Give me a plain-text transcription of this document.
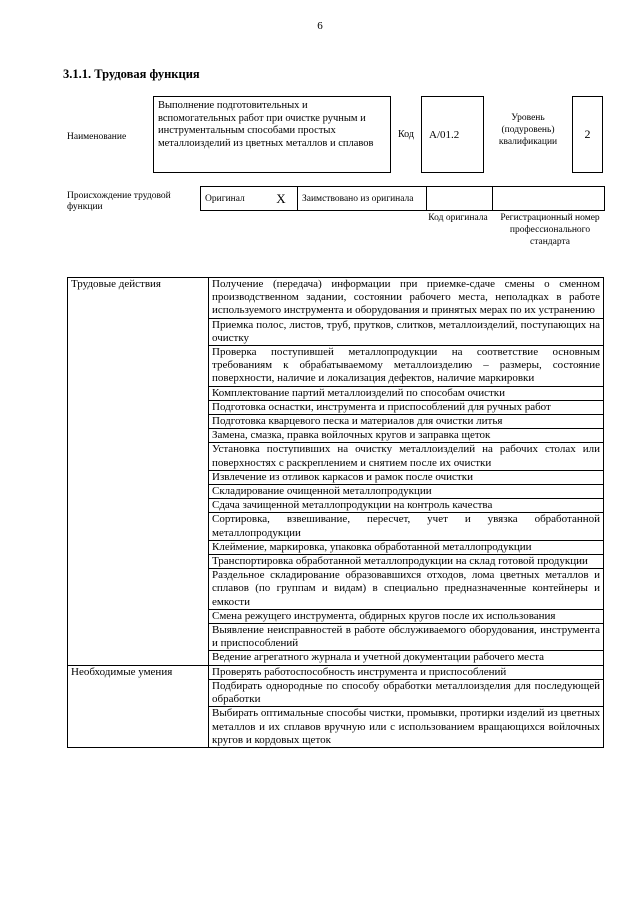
6
3.1.1. Трудовая функция
Наименование
Выполнение подготовительных и вспомогательных работ при очистке ручным и инструментальным способами простых металлоизделий из цветных металлов и сплавов
Код A/01.2
Уровень (подуровень) квалификации
2
Происхождение трудовой функции
Оригинал	X	Заимствовано из оригинала		
Код оригинала Регистрационный номер профессионального стандарта
Трудовые действия	Получение (передача) информации при приемке-сдаче смены о сменном производственном задании, состоянии рабочего места, неполадках в работе используемого инструмента и оборудования и принятых мерах по их устранению
	Приемка полос, листов, труб, прутков, слитков, металлоизделий, поступающих на очистку
	Проверка поступившей металлопродукции на соответствие основным требованиям к обрабатываемому металлоизделию – размеры, состояние поверхности, наличие и локализация дефектов, наличие маркировки
	Комплектование партий металлоизделий по способам очистки
	Подготовка оснастки, инструмента и приспособлений для ручных работ
	Подготовка кварцевого песка и материалов для очистки литья
	Замена, смазка, правка войлочных кругов и заправка щеток
	Установка поступивших на очистку металлоизделий на рабочих столах или поверхностях с раскреплением и снятием после их очистки
	Извлечение из отливок каркасов и рамок после очистки
	Складирование очищенной металлопродукции
	Сдача зачищенной металлопродукции на контроль качества
	Сортировка, взвешивание, пересчет, учет и увязка обработанной металлопродукции
	Клеймение, маркировка, упаковка обработанной металлопродукции
	Транспортировка обработанной металлопродукции на склад готовой продукции
	Раздельное складирование образовавшихся отходов, лома цветных металлов и сплавов (по группам и видам) в специально предназначенные контейнеры и емкости
	Смена режущего инструмента, обдирных кругов после их использования
	Выявление неисправностей в работе обслуживаемого оборудования, инструмента и приспособлений
	Ведение агрегатного журнала и учетной документации рабочего места
Необходимые умения	Проверять работоспособность инструмента и приспособлений
	Подбирать однородные по способу обработки металлоизделия для последующей обработки
	Выбирать оптимальные способы чистки, промывки, протирки изделий из цветных металлов и их сплавов вручную или с использованием вращающихся войлочных кругов и кордовых щеток
